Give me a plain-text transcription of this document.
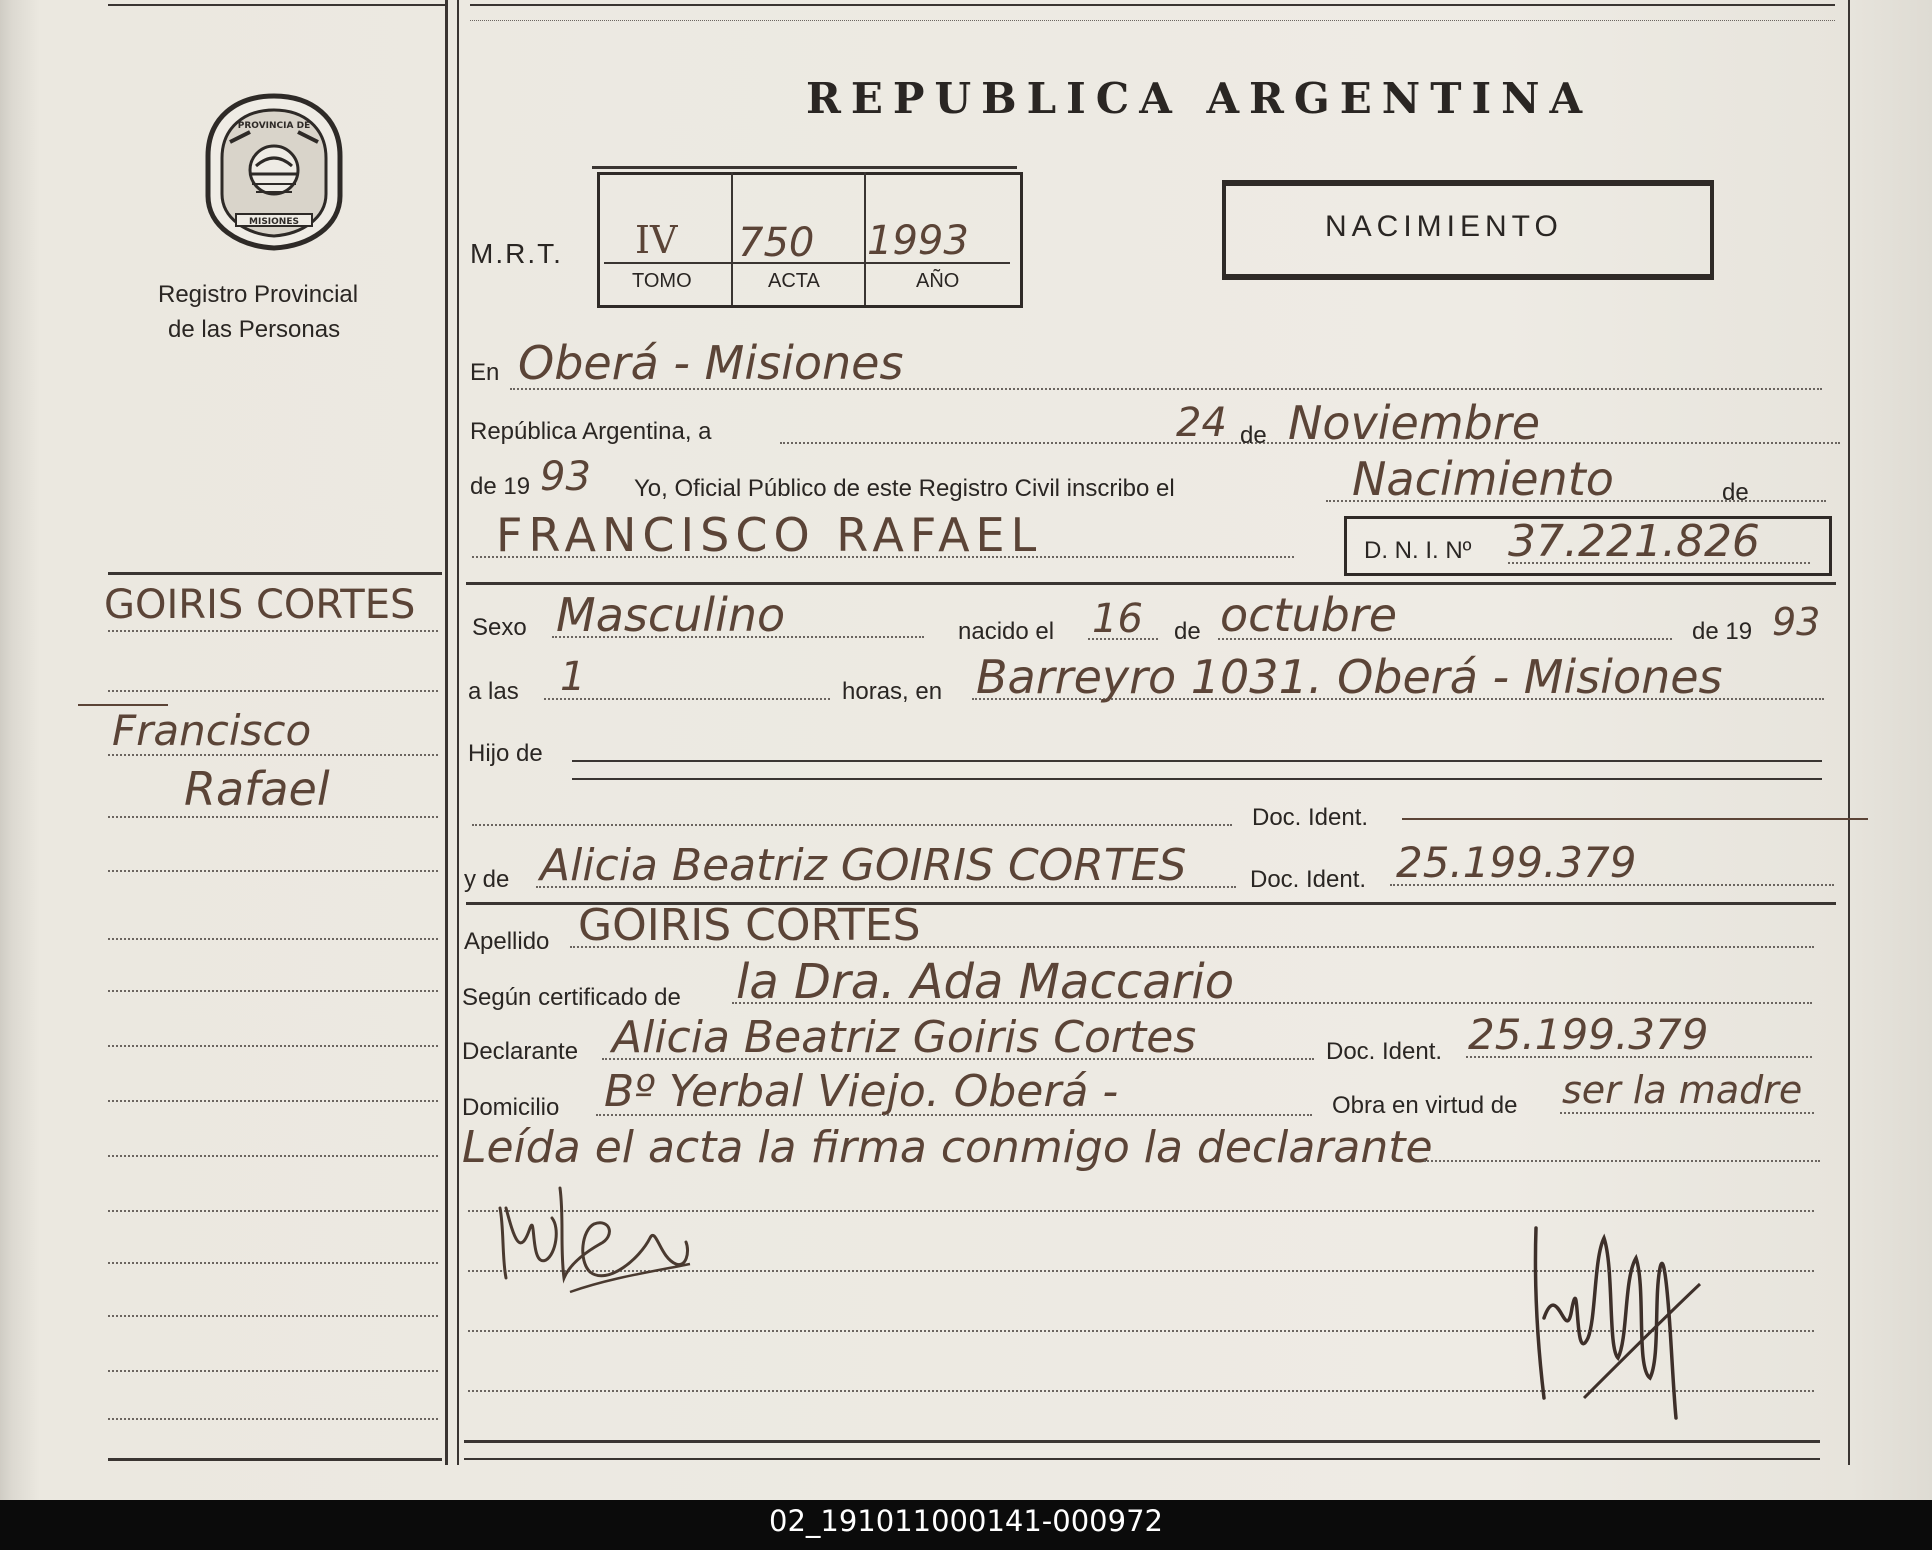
PROVINCIA DE
MISIONES
Registro Provincial
de las Personas
REPUBLICA ARGENTINA
M.R.T. IV 750 1993
TOMO	ACTA	AÑO
NACIMIENTO
GOIRIS CORTES
Francisco
Rafael
En Oberá - Misiones
República Argentina, a	24 de Noviembre
de 19 93 Yo, Oficial Público de este Registro Civil inscribo el	Nacimiento	de
FRANCISCO RAFAEL	D. N. I. Nº 37.221.826
Sexo Masculino	nacido el 16 de octubre	de 19 93
a las 1	horas, en Barreyro 1031. Oberá - Misiones
Hijo de
Doc. Ident.
y de Alicia Beatriz GOIRIS CORTES	Doc. Ident. 25.199.379
Apellido GOIRIS CORTES
Según certificado de la Dra. Ada Maccario
Declarante Alicia Beatriz Goiris Cortes	Doc. Ident. 25.199.379
Domicilio Bº Yerbal Viejo. Oberá -	Obra en virtud de ser la madre
Leída el acta la firma conmigo la declarante
02_191011000141-000972
